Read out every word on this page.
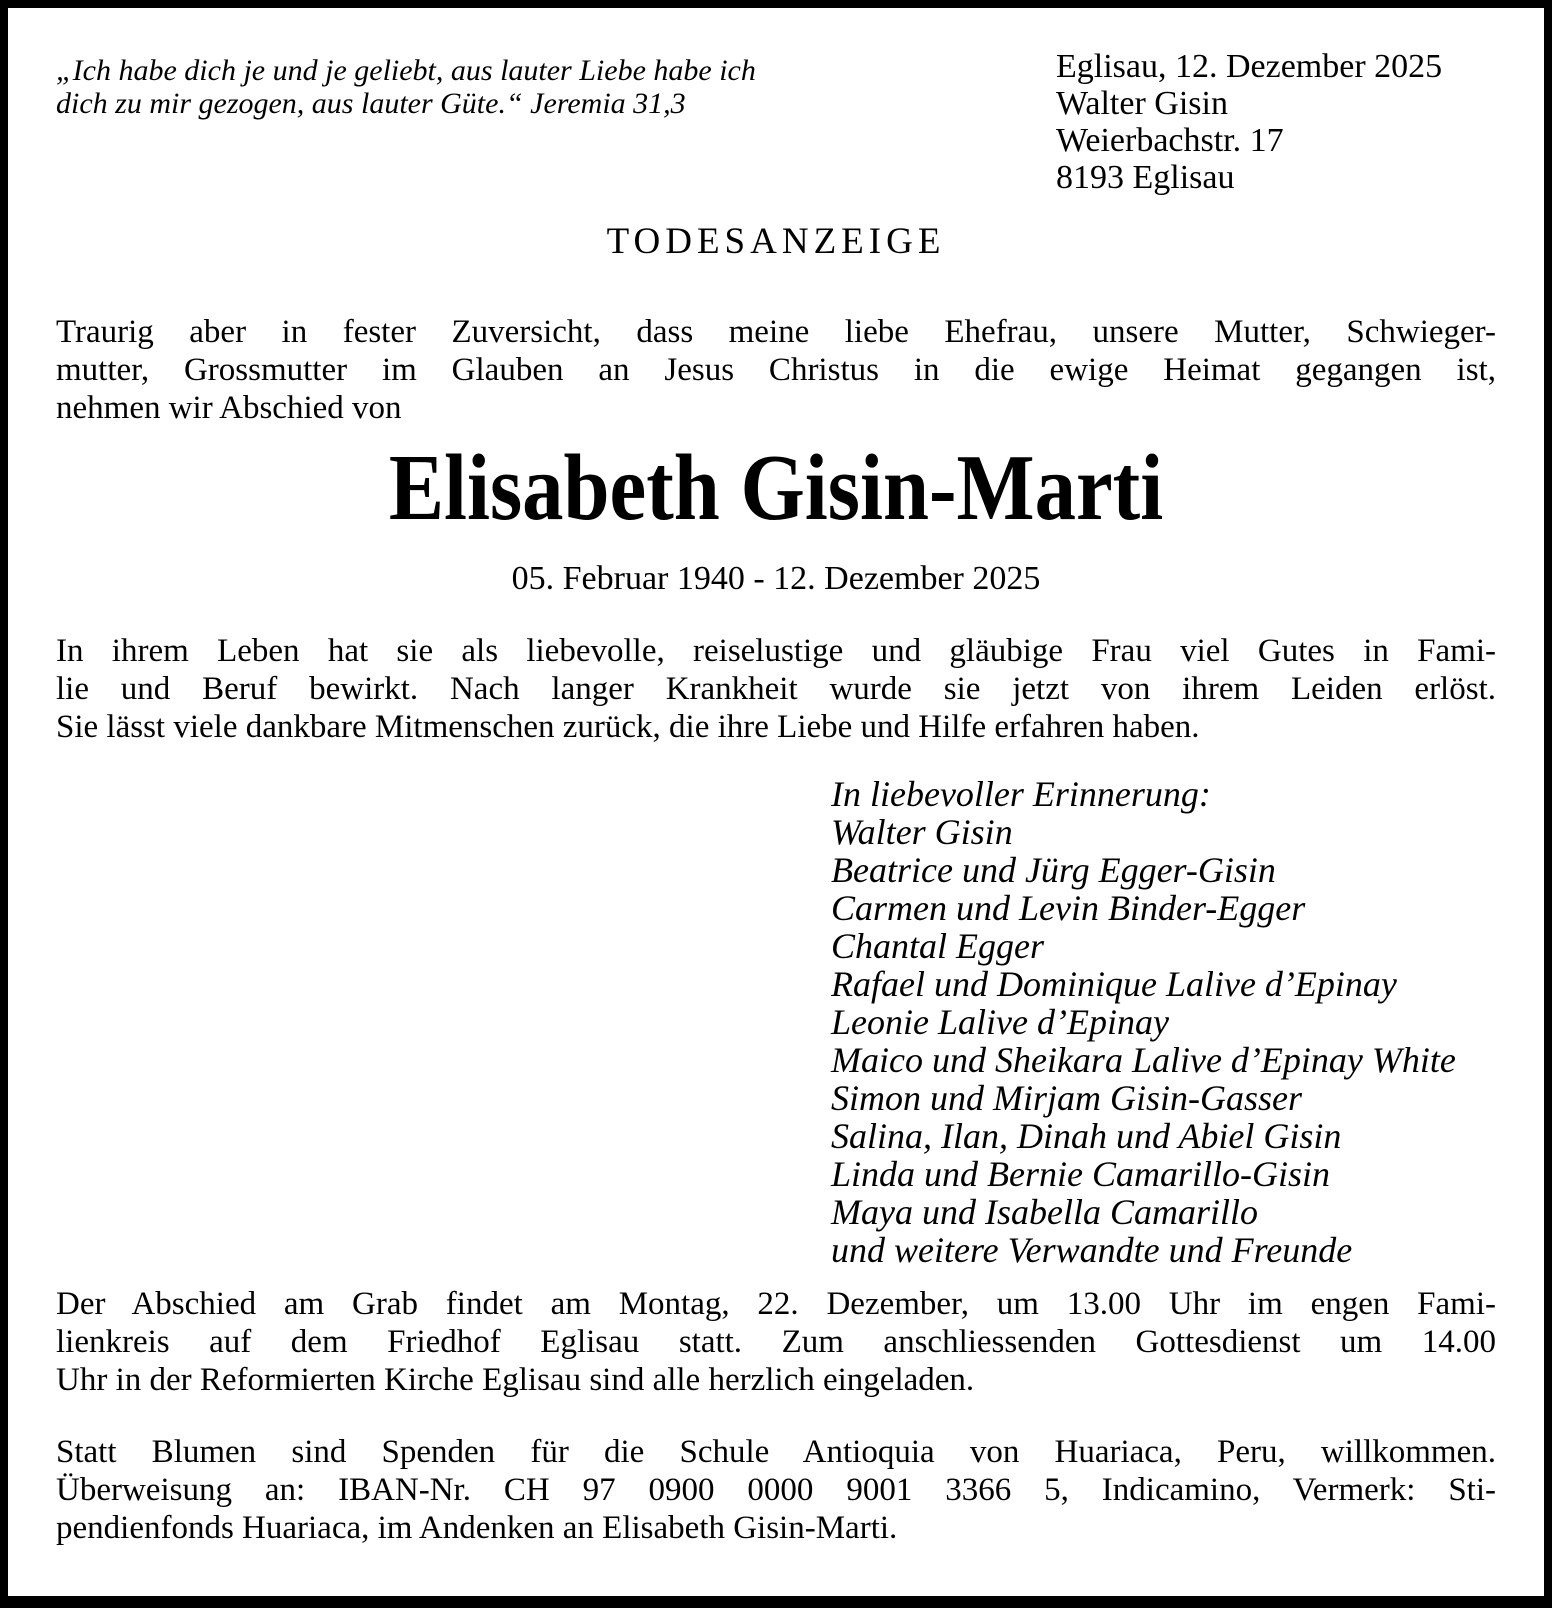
„Ich habe dich je und je geliebt, aus lauter Liebe habe ich
dich zu mir gezogen, aus lauter Güte.“ Jeremia 31,3
Eglisau, 12. Dezember 2025
Walter Gisin
Weierbachstr. 17
8193 Eglisau
TODESANZEIGE
Traurig aber in fester Zuversicht, dass meine liebe Ehefrau, unsere Mutter, Schwieger-
mutter, Grossmutter im Glauben an Jesus Christus in die ewige Heimat gegangen ist,
nehmen wir Abschied von
Elisabeth Gisin-Marti
05. Februar 1940 - 12. Dezember 2025
In ihrem Leben hat sie als liebevolle, reiselustige und gläubige Frau viel Gutes in Fami-
lie und Beruf bewirkt. Nach langer Krankheit wurde sie jetzt von ihrem Leiden erlöst.
Sie lässt viele dankbare Mitmenschen zurück, die ihre Liebe und Hilfe erfahren haben.
In liebevoller Erinnerung:
Walter Gisin
Beatrice und Jürg Egger-Gisin
Carmen und Levin Binder-Egger
Chantal Egger
Rafael und Dominique Lalive d’Epinay
Leonie Lalive d’Epinay
Maico und Sheikara Lalive d’Epinay White
Simon und Mirjam Gisin-Gasser
Salina, Ilan, Dinah und Abiel Gisin
Linda und Bernie Camarillo-Gisin
Maya und Isabella Camarillo
und weitere Verwandte und Freunde
Der Abschied am Grab findet am Montag, 22. Dezember, um 13.00 Uhr im engen Fami-
lienkreis auf dem Friedhof Eglisau statt. Zum anschliessenden Gottesdienst um 14.00
Uhr in der Reformierten Kirche Eglisau sind alle herzlich eingeladen.
Statt Blumen sind Spenden für die Schule Antioquia von Huariaca, Peru, willkommen.
Überweisung an: IBAN-Nr. CH 97 0900 0000 9001 3366 5, Indicamino, Vermerk: Sti-
pendienfonds Huariaca, im Andenken an Elisabeth Gisin-Marti.
